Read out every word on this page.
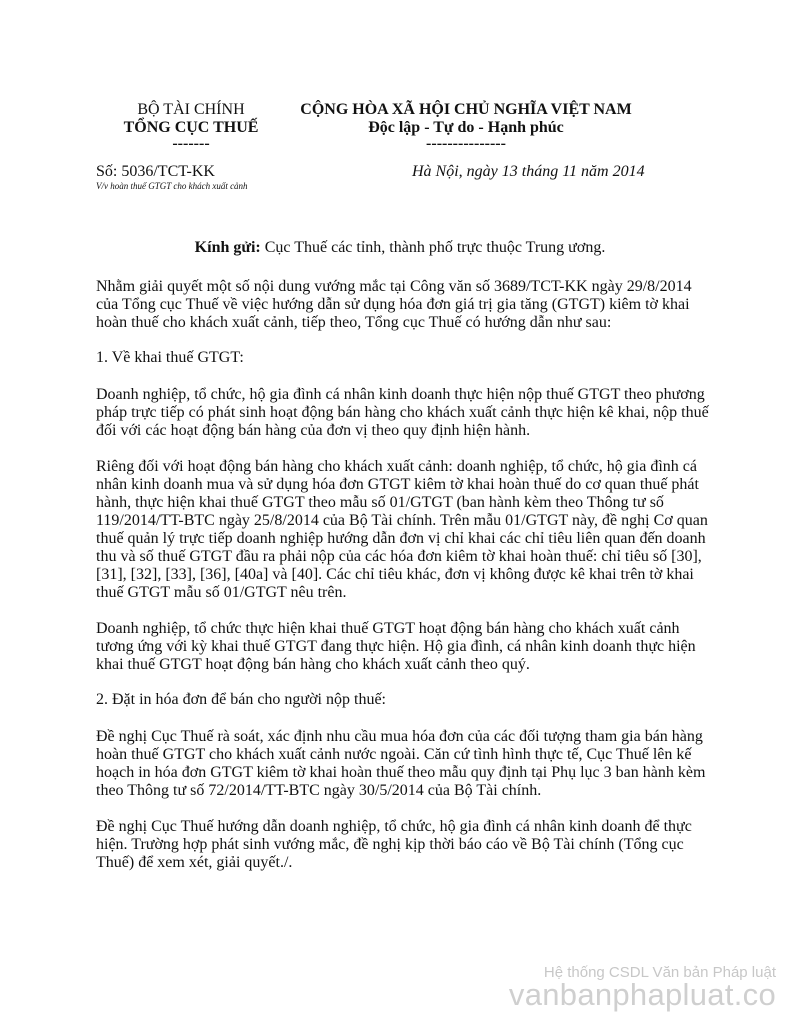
BỘ TÀI CHÍNH
TỔNG CỤC THUẾ
-------
CỘNG HÒA XÃ HỘI CHỦ NGHĨA VIỆT NAM
Độc lập - Tự do - Hạnh phúc
---------------
Số: 5036/TCT-KK
V/v hoàn thuế GTGT cho khách xuất cảnh
Hà Nội, ngày 13 tháng 11 năm 2014
Kính gửi: Cục Thuế các tỉnh, thành phố trực thuộc Trung ương.

Nhằm giải quyết một số nội dung vướng mắc tại Công văn số 3689/TCT-KK ngày 29/8/2014 của Tổng cục Thuế về việc hướng dẫn sử dụng hóa đơn giá trị gia tăng (GTGT) kiêm tờ khai hoàn thuế cho khách xuất cảnh, tiếp theo, Tổng cục Thuế có hướng dẫn như sau:

1. Về khai thuế GTGT:

Doanh nghiệp, tổ chức, hộ gia đình cá nhân kinh doanh thực hiện nộp thuế GTGT theo phương pháp trực tiếp có phát sinh hoạt động bán hàng cho khách xuất cảnh thực hiện kê khai, nộp thuế đối với các hoạt động bán hàng của đơn vị theo quy định hiện hành.

Riêng đối với hoạt động bán hàng cho khách xuất cảnh: doanh nghiệp, tổ chức, hộ gia đình cá nhân kinh doanh mua và sử dụng hóa đơn GTGT kiêm tờ khai hoàn thuế do cơ quan thuế phát hành, thực hiện khai thuế GTGT theo mẫu số 01/GTGT (ban hành kèm theo Thông tư số 119/2014/TT-BTC ngày 25/8/2014 của Bộ Tài chính. Trên mẫu 01/GTGT này, đề nghị Cơ quan thuế quản lý trực tiếp doanh nghiệp hướng dẫn đơn vị chỉ khai các chỉ tiêu liên quan đến doanh thu và số thuế GTGT đầu ra phải nộp của các hóa đơn kiêm tờ khai hoàn thuế: chỉ tiêu số [30], [31], [32], [33], [36], [40a] và [40]. Các chỉ tiêu khác, đơn vị không được kê khai trên tờ khai thuế GTGT mẫu số 01/GTGT nêu trên.

Doanh nghiệp, tổ chức thực hiện khai thuế GTGT hoạt động bán hàng cho khách xuất cảnh tương ứng với kỳ khai thuế GTGT đang thực hiện. Hộ gia đình, cá nhân kinh doanh thực hiện khai thuế GTGT hoạt động bán hàng cho khách xuất cảnh theo quý.

2. Đặt in hóa đơn để bán cho người nộp thuế:

Đề nghị Cục Thuế rà soát, xác định nhu cầu mua hóa đơn của các đối tượng tham gia bán hàng hoàn thuế GTGT cho khách xuất cảnh nước ngoài. Căn cứ tình hình thực tế, Cục Thuế lên kế hoạch in hóa đơn GTGT kiêm tờ khai hoàn thuế theo mẫu quy định tại Phụ lục 3 ban hành kèm theo Thông tư số 72/2014/TT-BTC ngày 30/5/2014 của Bộ Tài chính.

Đề nghị Cục Thuế hướng dẫn doanh nghiệp, tổ chức, hộ gia đình cá nhân kinh doanh để thực hiện. Trường hợp phát sinh vướng mắc, đề nghị kịp thời báo cáo về Bộ Tài chính (Tổng cục Thuế) để xem xét, giải quyết./.

Hệ thống CSDL Văn bản Pháp luật
vanbanphapluat.co
